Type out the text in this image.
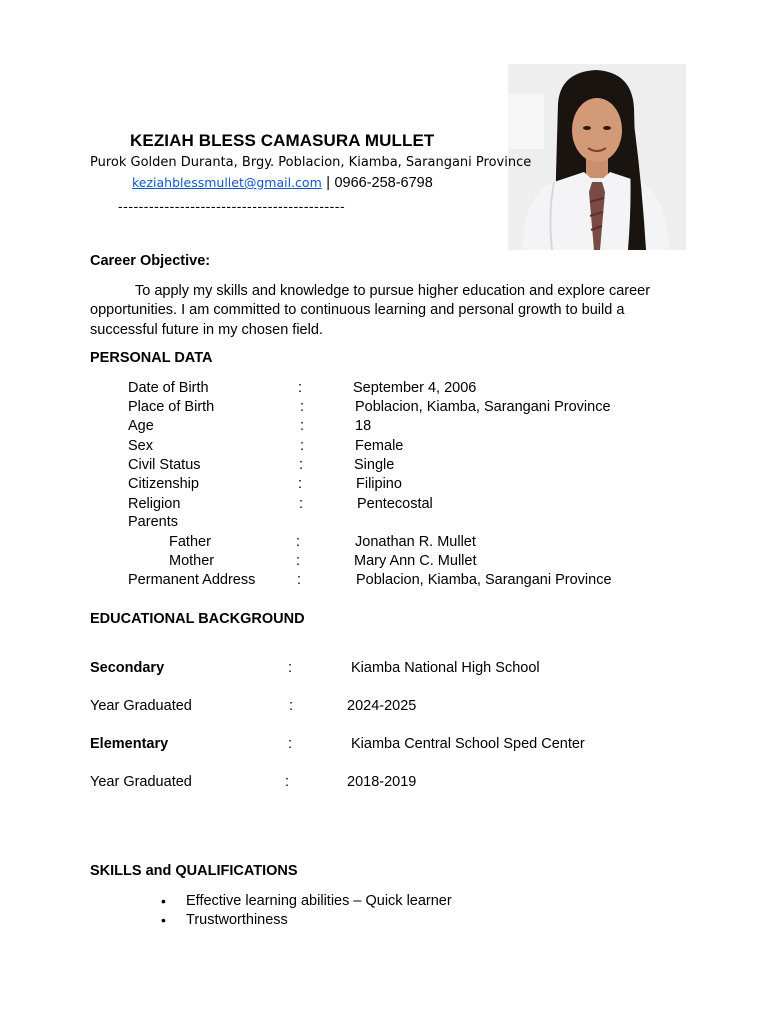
KEZIAH BLESS CAMASURA MULLET
Purok Golden Duranta, Brgy. Poblacion, Kiamba, Sarangani Province
keziahblessmullet@gmail.com | 0966-258-6798
--------------------------------------------
Career Objective:
To apply my skills and knowledge to pursue higher education and explore career opportunities. I am committed to continuous learning and personal growth to build a successful future in my chosen field.
PERSONAL DATA
Date of Birth	:	September 4, 2006
Place of Birth	:	Poblacion, Kiamba, Sarangani Province
Age	:	18
Sex	:	Female
Civil Status	:	Single
Citizenship	:	Filipino
Religion	:	Pentecostal
Parents
Father	:	Jonathan R. Mullet
Mother	:	Mary Ann C. Mullet
Permanent Address	:	Poblacion, Kiamba, Sarangani Province
EDUCATIONAL BACKGROUND
Secondary	:	Kiamba National High School
Year Graduated	:	2024-2025
Elementary	:	Kiamba Central School Sped Center
Year Graduated	:	2018-2019
SKILLS and QUALIFICATIONS
• Effective learning abilities – Quick learner
• Trustworthiness
